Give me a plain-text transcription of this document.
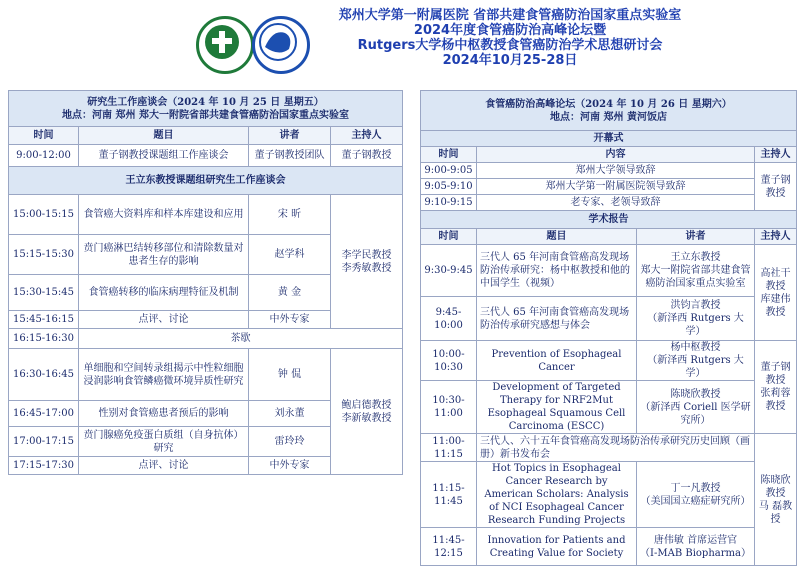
郑州大学第一附属医院 省部共建食管癌防治国家重点实验室
2024年度食管癌防治高峰论坛暨
Rutgers大学杨中枢教授食管癌防治学术思想研讨会
2024年10月25-28日
研究生工作座谈会（2024 年 10 月 25 日 星期五）
地点：河南 郑州 郑大一附院省部共建食管癌防治国家重点实验室			

时间	题目	讲者	主持人
9:00-12:00	董子钢教授课题组工作座谈会	董子钢教授团队	董子钢教授
王立东教授课题组研究生工作座谈会			
15:00-15:15	食管癌大资料库和样本库建设和应用	宋 昕	李学民教授
李秀敏教授
15:15-15:30	贲门癌淋巴结转移部位和清除数量对患者生存的影响	赵学科	
15:30-15:45	食管癌转移的临床病理特征及机制	黄 金	
15:45-16:15	点评、讨论	中外专家	
16:15-16:30	茶歇		
16:30-16:45	单细胞和空间转录组揭示中性粒细胞浸润影响食管鳞癌微环境异质性研究	钟 侃	鲍启德教授
李新敏教授
16:45-17:00	性别对食管癌患者预后的影响	刘永董	
17:00-17:15	贲门腺癌免疫蛋白质组（自身抗体）研究	雷玲玲	
17:15-17:30	点评、讨论	中外专家	
食管癌防治高峰论坛（2024 年 10 月 26 日 星期六）
地点：河南 郑州 黄河饭店			

开幕式			
时间	内容		主持人
9:00-9:05	郑州大学领导致辞		董子钢
教授
9:05-9:10	郑州大学第一附属医院领导致辞		
9:10-9:15	老专家、老领导致辞		
学术报告			
时间	题目	讲者	主持人
9:30-9:45	三代人 65 年河南食管癌高发现场防治传承研究：杨中枢教授和他的中国学生（视频）	王立东教授
郑大一附院省部共建食管癌防治国家重点实验室	高社干教授
库建伟教授
9:45-10:00	三代人 65 年河南食管癌高发现场防治传承研究感想与体会	洪钧言教授
（新泽西 Rutgers 大学）	
10:00-10:30	Prevention of Esophageal Cancer	杨中枢教授
（新泽西 Rutgers 大学）	董子钢教授
张莉蓉教授
10:30-11:00	Development of Targeted Therapy for NRF2Mut Esophageal Squamous Cell Carcinoma (ESCC)	陈晓欣教授
（新泽西 Coriell 医学研究所）	
11:00-11:15	三代人、六十五年食管癌高发现场防治传承研究历史回顾（画册）新书发布会		陈晓欣教授
马 磊教授
11:15-11:45	Hot Topics in Esophageal Cancer Research by American Scholars: Analysis of NCI Esophageal Cancer Research Funding Projects	丁一凡教授
（美国国立癌症研究所）	
11:45-12:15	Innovation for Patients and Creating Value for Society	唐伟敏 首席运营官
（I-MAB Biopharma）	
